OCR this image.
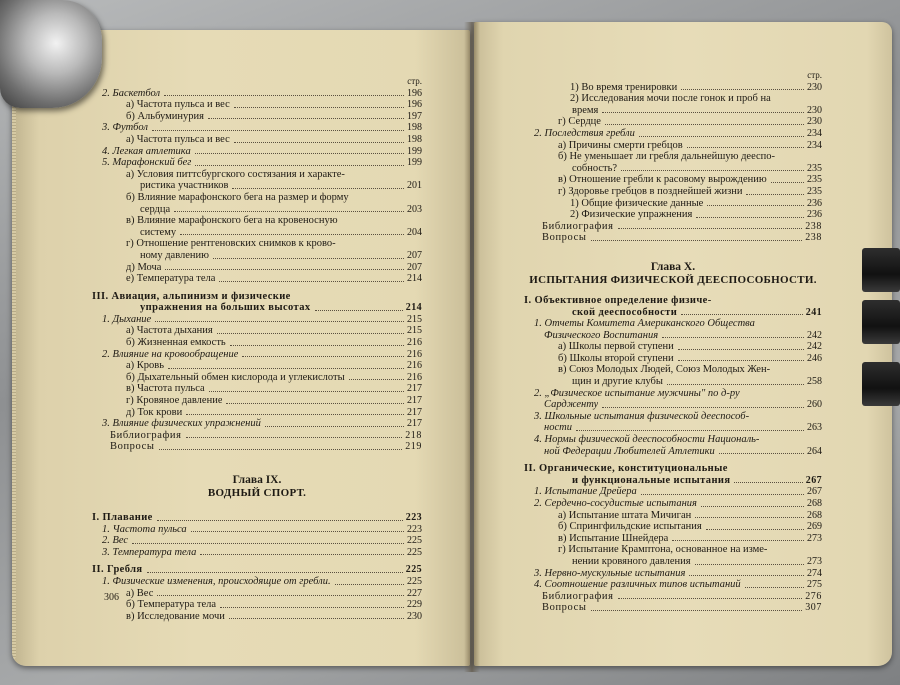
стр.
2. Баскетбол	196
а) Частота пульса и вес	196
б) Альбуминурия	197
3. Футбол	198
а) Частота пульса и вес	198
4. Легкая атлетика	199
5. Марафонский бег	199
а) Условия питтсбургского состязания и характе-
ристика участников	201
б) Влияние марафонского бега на размер и форму
сердца	203
в) Влияние марафонского бега на кровеносную
систему	204
г) Отношение рентгеновских снимков к крово-
ному давлению	207
д) Моча	207
е) Температура тела	214
III. Авиация, альпинизм и физические
упражнения на больших высотах	214
1. Дыхание	215
а) Частота дыхания	215
б) Жизненная емкость	216
2. Влияние на кровообращение	216
а) Кровь	216
б) Дыхательный обмен кислорода и углекислоты	216
в) Частота пульса	217
г) Кровяное давление	217
д) Ток крови	217
3. Влияние физических упражнений	217
Библиография	218
Вопросы	219
Глава IX.
ВОДНЫЙ СПОРТ.
I. Плавание	223
1. Частота пульса	223
2. Вес	225
3. Температура тела	225
II. Гребля	225
1. Физические изменения, происходящие от гребли.	225
а) Вес	227
б) Температура тела	229
в) Исследование мочи	230
306
стр.
1) Во время тренировки	230
2) Исследования мочи после гонок и проб на
время	230
г) Сердце	230
2. Последствия гребли	234
а) Причины смерти гребцов	234
б) Не уменьшает ли гребля дальнейшую дееспо-
собность?	235
в) Отношение гребли к расовому вырождению	235
г) Здоровье гребцов в позднейшей жизни	235
1) Общие физические данные	236
2) Физические упражнения	236
Библиография	238
Вопросы	238
Глава X.
ИСПЫТАНИЯ ФИЗИЧЕСКОЙ ДЕЕСПОСОБНОСТИ.
I. Объективное определение физиче-
ской дееспособности	241
1. Отчеты Комитета Американского Общества
Физического Воспитания	242
а) Школы первой ступени	242
б) Школы второй ступени	246
в) Союз Молодых Людей, Союз Молодых Жен-
щин и другие клубы	258
2. „Физическое испытание мужчины" по д-ру
Сардженту	260
3. Школьные испытания физической дееспособ-
ности	263
4. Нормы физической дееспособности Националь-
ной Федерации Любителей Атлетики	264
II. Органические, конституциональные
и функциональные испытания	267
1. Испытание Дрейера	267
2. Сердечно-сосудистые испытания	268
а) Испытание штата Мичиган	268
б) Спрингфильдские испытания	269
в) Испытание Шнейдера	273
г) Испытание Крамптона, основанное на изме-
нении кровяного давления	273
3. Нервно-мускульные испытания	274
4. Соотношение различных типов испытаний	275
Библиография	276
Вопросы	307
